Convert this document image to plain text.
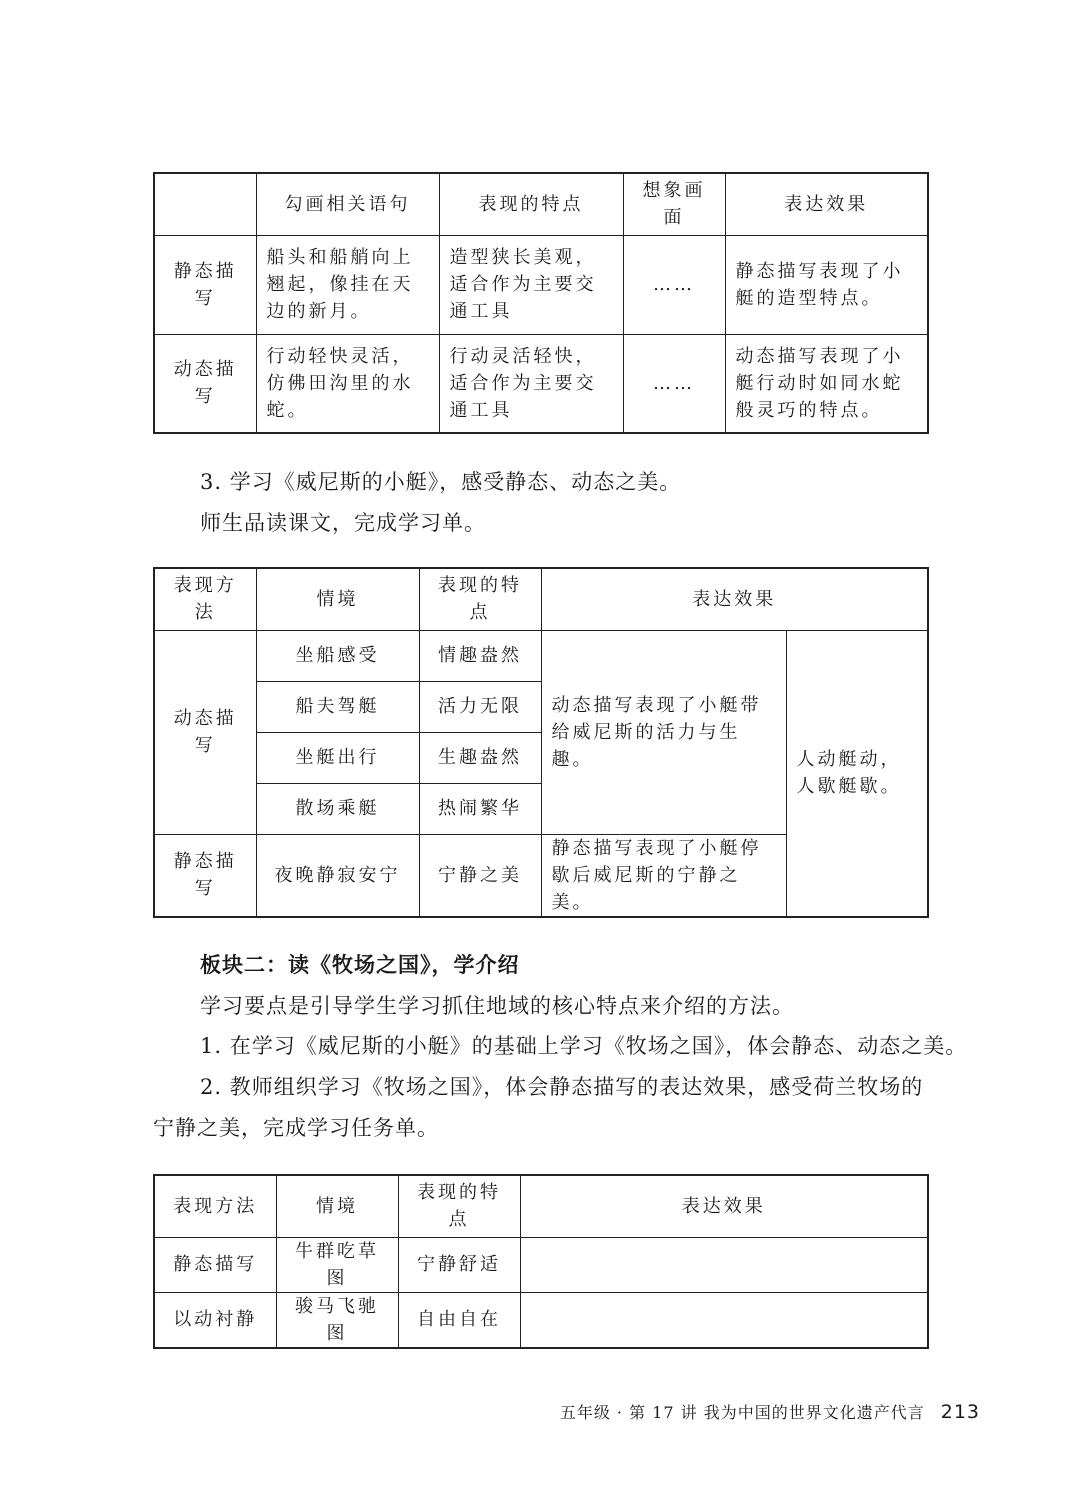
	勾画相关语句	表现的特点	想象画面	表达效果
静态描写	船头和船艄向上翘起，像挂在天边的新月。	造型狭长美观，适合作为主要交通工具	……	静态描写表现了小艇的造型特点。
动态描写	行动轻快灵活，仿佛田沟里的水蛇。	行动灵活轻快，适合作为主要交通工具	……	动态描写表现了小艇行动时如同水蛇般灵巧的特点。
3. 学习《威尼斯的小艇》，感受静态、动态之美。
师生品读课文，完成学习单。
表现方法	情境	表现的特点	表达效果	
动态描写	坐船感受	情趣盎然	动态描写表现了小艇带给威尼斯的活力与生趣。	人动艇动，人歇艇歇。
	船夫驾艇	活力无限		
	坐艇出行	生趣盎然		
	散场乘艇	热闹繁华		
静态描写	夜晚静寂安宁	宁静之美	静态描写表现了小艇停歇后威尼斯的宁静之美。	
板块二：读《牧场之国》，学介绍
学习要点是引导学生学习抓住地域的核心特点来介绍的方法。
1. 在学习《威尼斯的小艇》的基础上学习《牧场之国》，体会静态、动态之美。
2. 教师组织学习《牧场之国》，体会静态描写的表达效果，感受荷兰牧场的
宁静之美，完成学习任务单。
表现方法	情境	表现的特点	表达效果
静态描写	牛群吃草图	宁静舒适	
以动衬静	骏马飞驰图	自由自在	
五年级 · 第 17 讲 我为中国的世界文化遗产代言 213
